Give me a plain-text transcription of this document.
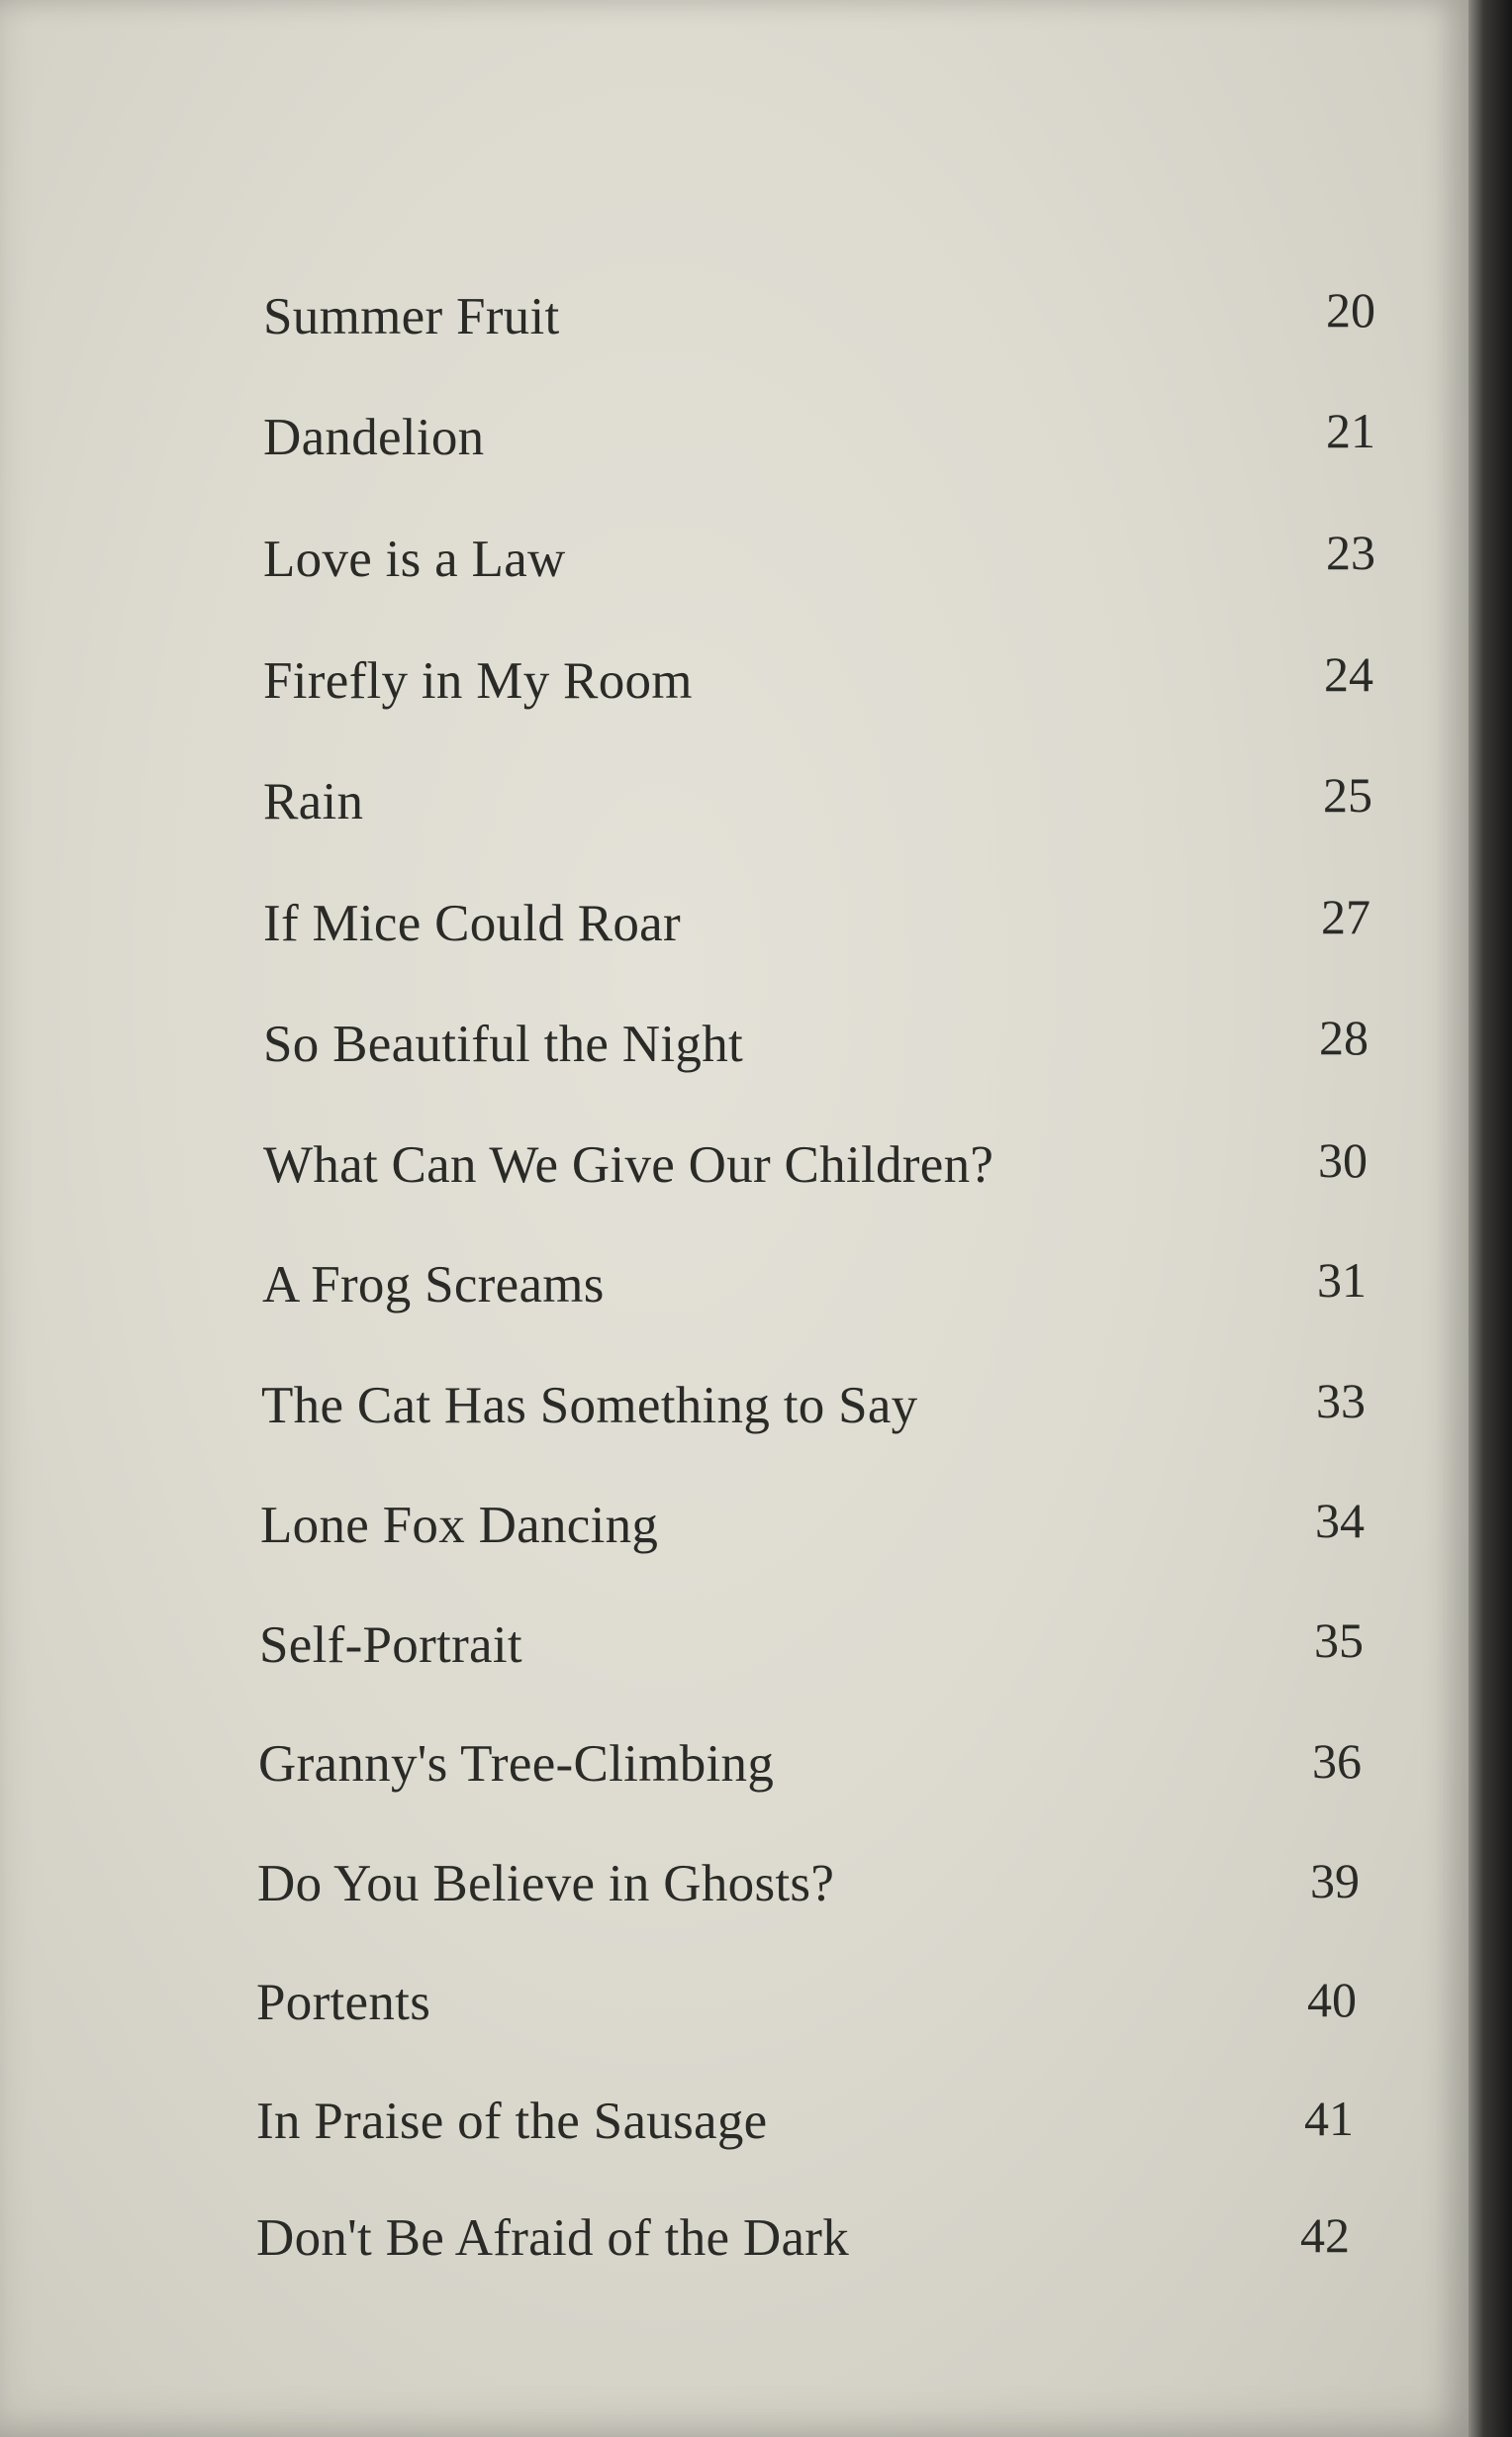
Summer Fruit	20
Dandelion	21
Love is a Law	23
Firefly in My Room	24
Rain	25
If Mice Could Roar	27
So Beautiful the Night	28
What Can We Give Our Children?	30
A Frog Screams	31
The Cat Has Something to Say	33
Lone Fox Dancing	34
Self-Portrait	35
Granny's Tree-Climbing	36
Do You Believe in Ghosts?	39
Portents	40
In Praise of the Sausage	41
Don't Be Afraid of the Dark	42
